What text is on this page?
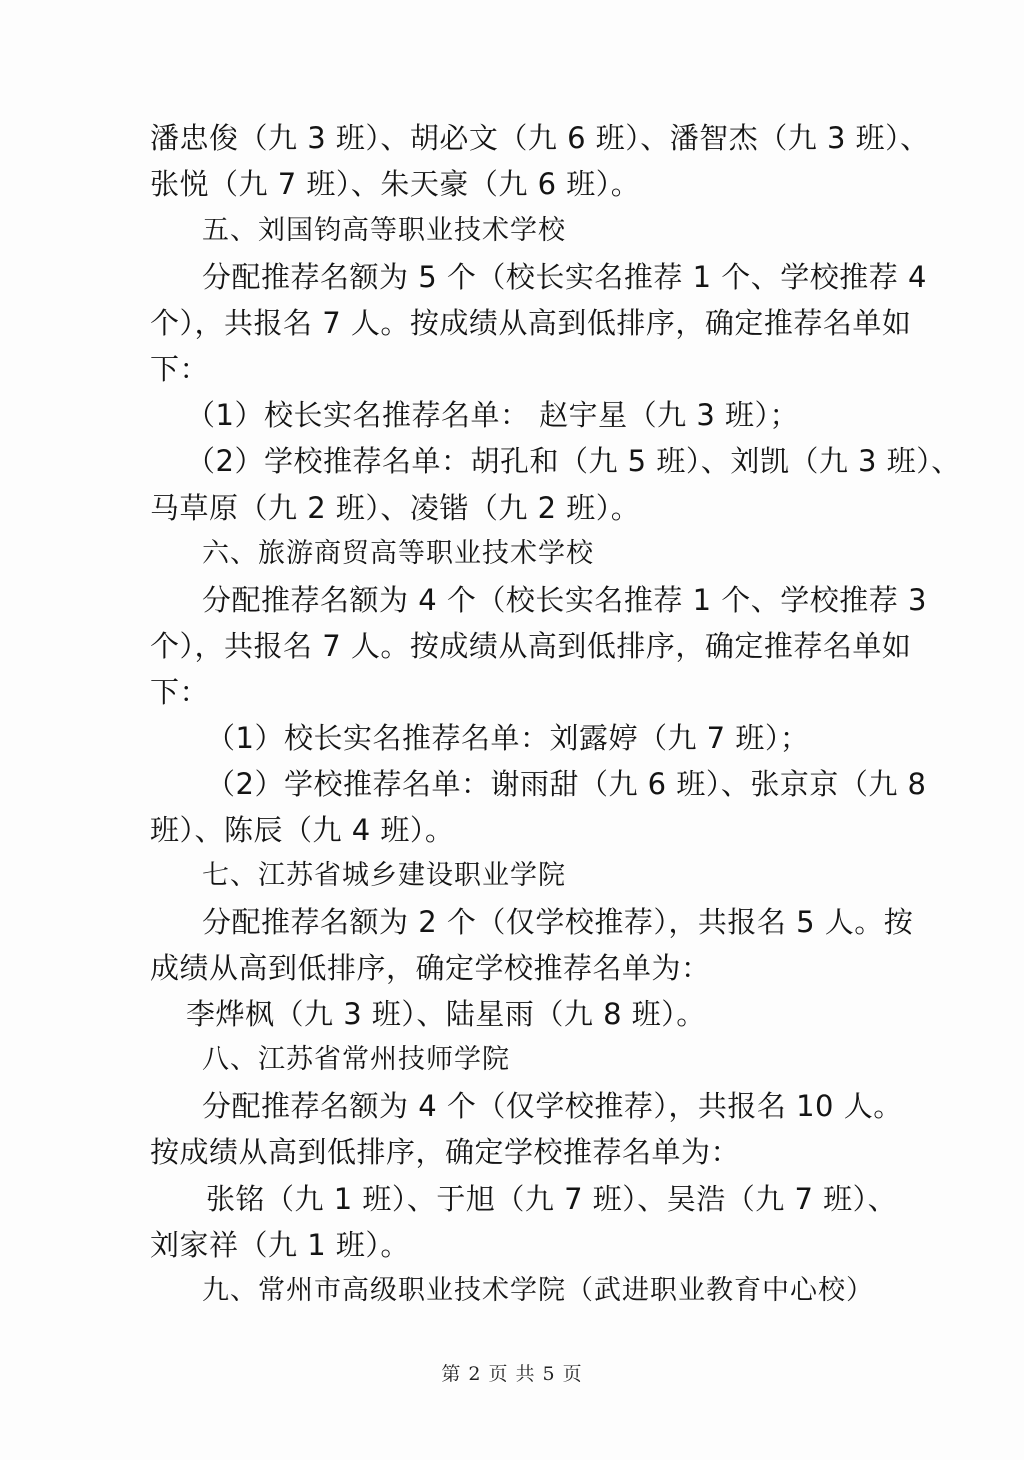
潘忠俊（九 3 班）、胡必文（九 6 班）、潘智杰（九 3 班）、
张悦（九 7 班）、朱天豪（九 6 班）。
五、刘国钧高等职业技术学校
分配推荐名额为 5 个（校长实名推荐 1 个、学校推荐 4
个），共报名 7 人。按成绩从高到低排序，确定推荐名单如
下：
（1）校长实名推荐名单： 赵宇星（九 3 班）；
（2）学校推荐名单：胡孔和（九 5 班）、刘凯（九 3 班）、
马草原（九 2 班）、凌锴（九 2 班）。
六、旅游商贸高等职业技术学校
分配推荐名额为 4 个（校长实名推荐 1 个、学校推荐 3
个），共报名 7 人。按成绩从高到低排序，确定推荐名单如
下：
（1）校长实名推荐名单：刘露婷（九 7 班）；
（2）学校推荐名单：谢雨甜（九 6 班）、张京京（九 8
班）、陈辰（九 4 班）。
七、江苏省城乡建设职业学院
分配推荐名额为 2 个（仅学校推荐），共报名 5 人。按
成绩从高到低排序，确定学校推荐名单为：
李烨枫（九 3 班）、陆星雨（九 8 班）。
八、江苏省常州技师学院
分配推荐名额为 4 个（仅学校推荐），共报名 10 人。
按成绩从高到低排序，确定学校推荐名单为：
张铭（九 1 班）、于旭（九 7 班）、吴浩（九 7 班）、
刘家祥（九 1 班）。
九、常州市高级职业技术学院（武进职业教育中心校）
第 2 页 共 5 页
